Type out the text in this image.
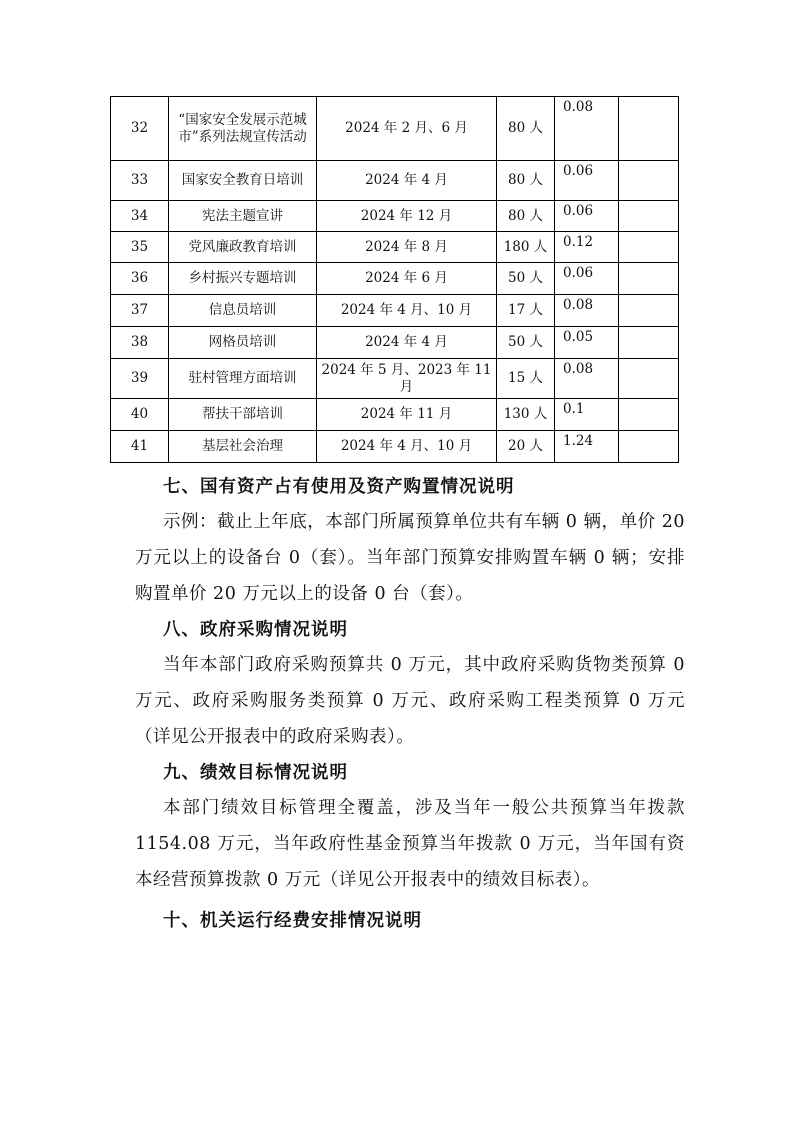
32	“国家安全发展示范城市”系列法规宣传活动	2024 年 2 月、6 月	80 人	0.08	
33	国家安全教育日培训	2024 年 4 月	80 人	0.06	
34	宪法主题宣讲	2024 年 12 月	80 人	0.06	
35	党风廉政教育培训	2024 年 8 月	180 人	0.12	
36	乡村振兴专题培训	2024 年 6 月	50 人	0.06	
37	信息员培训	2024 年 4 月、10 月	17 人	0.08	
38	网格员培训	2024 年 4 月	50 人	0.05	
39	驻村管理方面培训	2024 年 5 月、2023 年 11 月	15 人	0.08	
40	帮扶干部培训	2024 年 11 月	130 人	0.1	
41	基层社会治理	2024 年 4 月、10 月	20 人	1.24	
七、国有资产占有使用及资产购置情况说明
示例：截止上年底，本部门所属预算单位共有车辆 0 辆，单价 20 万元以上的设备台 0（套）。当年部门预算安排购置车辆 0 辆；安排购置单价 20 万元以上的设备 0 台（套）。
八、政府采购情况说明
当年本部门政府采购预算共 0 万元，其中政府采购货物类预算 0 万元、政府采购服务类预算 0 万元、政府采购工程类预算 0 万元（详见公开报表中的政府采购表）。
九、绩效目标情况说明
本部门绩效目标管理全覆盖，涉及当年一般公共预算当年拨款 1154.08 万元，当年政府性基金预算当年拨款 0 万元，当年国有资本经营预算拨款 0 万元（详见公开报表中的绩效目标表）。
十、机关运行经费安排情况说明
